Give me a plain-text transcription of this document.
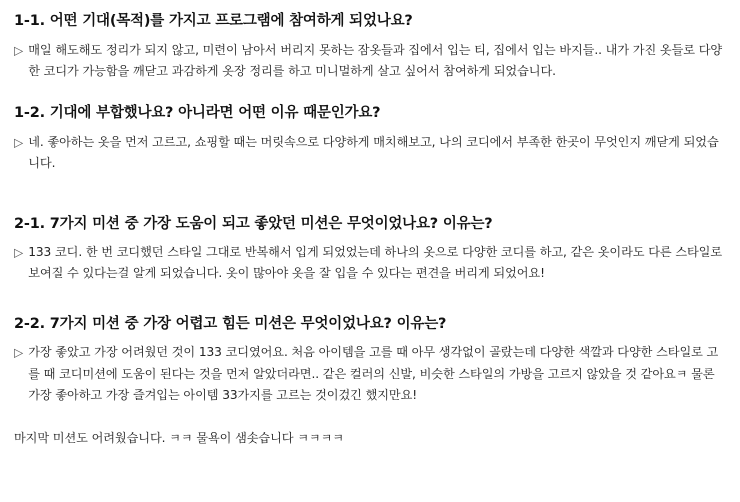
1-1. 어떤 기대(목적)를 가지고 프로그램에 참여하게 되었나요?
▷ 매일 해도해도 정리가 되지 않고, 미련이 남아서 버리지 못하는 잠옷들과 집에서 입는 티, 집에서 입는 바지들.. 내가 가진 옷들로 다양한 코디가 가능함을 깨닫고 과감하게 옷장 정리를 하고 미니멀하게 살고 싶어서 참여하게 되었습니다.

1-2. 기대에 부합했나요? 아니라면 어떤 이유 때문인가요?
▷ 네. 좋아하는 옷을 먼저 고르고, 쇼핑할 때는 머릿속으로 다양하게 매치해보고, 나의 코디에서 부족한 한곳이 무엇인지 깨닫게 되었습니다.

2-1. 7가지 미션 중 가장 도움이 되고 좋았던 미션은 무엇이었나요? 이유는?
▷ 133 코디. 한 번 코디했던 스타일 그대로 반복해서 입게 되었었는데 하나의 옷으로 다양한 코디를 하고, 같은 옷이라도 다른 스타일로 보여질 수 있다는걸 알게 되었습니다. 옷이 많아야 옷을 잘 입을 수 있다는 편견을 버리게 되었어요!

2-2. 7가지 미션 중 가장 어렵고 힘든 미션은 무엇이었나요? 이유는?
▷ 가장 좋았고 가장 어려웠던 것이 133 코디였어요. 처음 아이템을 고를 때 아무 생각없이 골랐는데 다양한 색깔과 다양한 스타일로 고를 때 코디미션에 도움이 된다는 것을 먼저 알았더라면.. 같은 컬러의 신발, 비슷한 스타일의 가방을 고르지 않았을 것 같아요ㅋ 물론 가장 좋아하고 가장 즐겨입는 아이템 33가지를 고르는 것이겄긴 했지만요!

마지막 미션도 어려웠습니다. ㅋㅋ 물욕이 샘솟습니다 ㅋㅋㅋㅋ
